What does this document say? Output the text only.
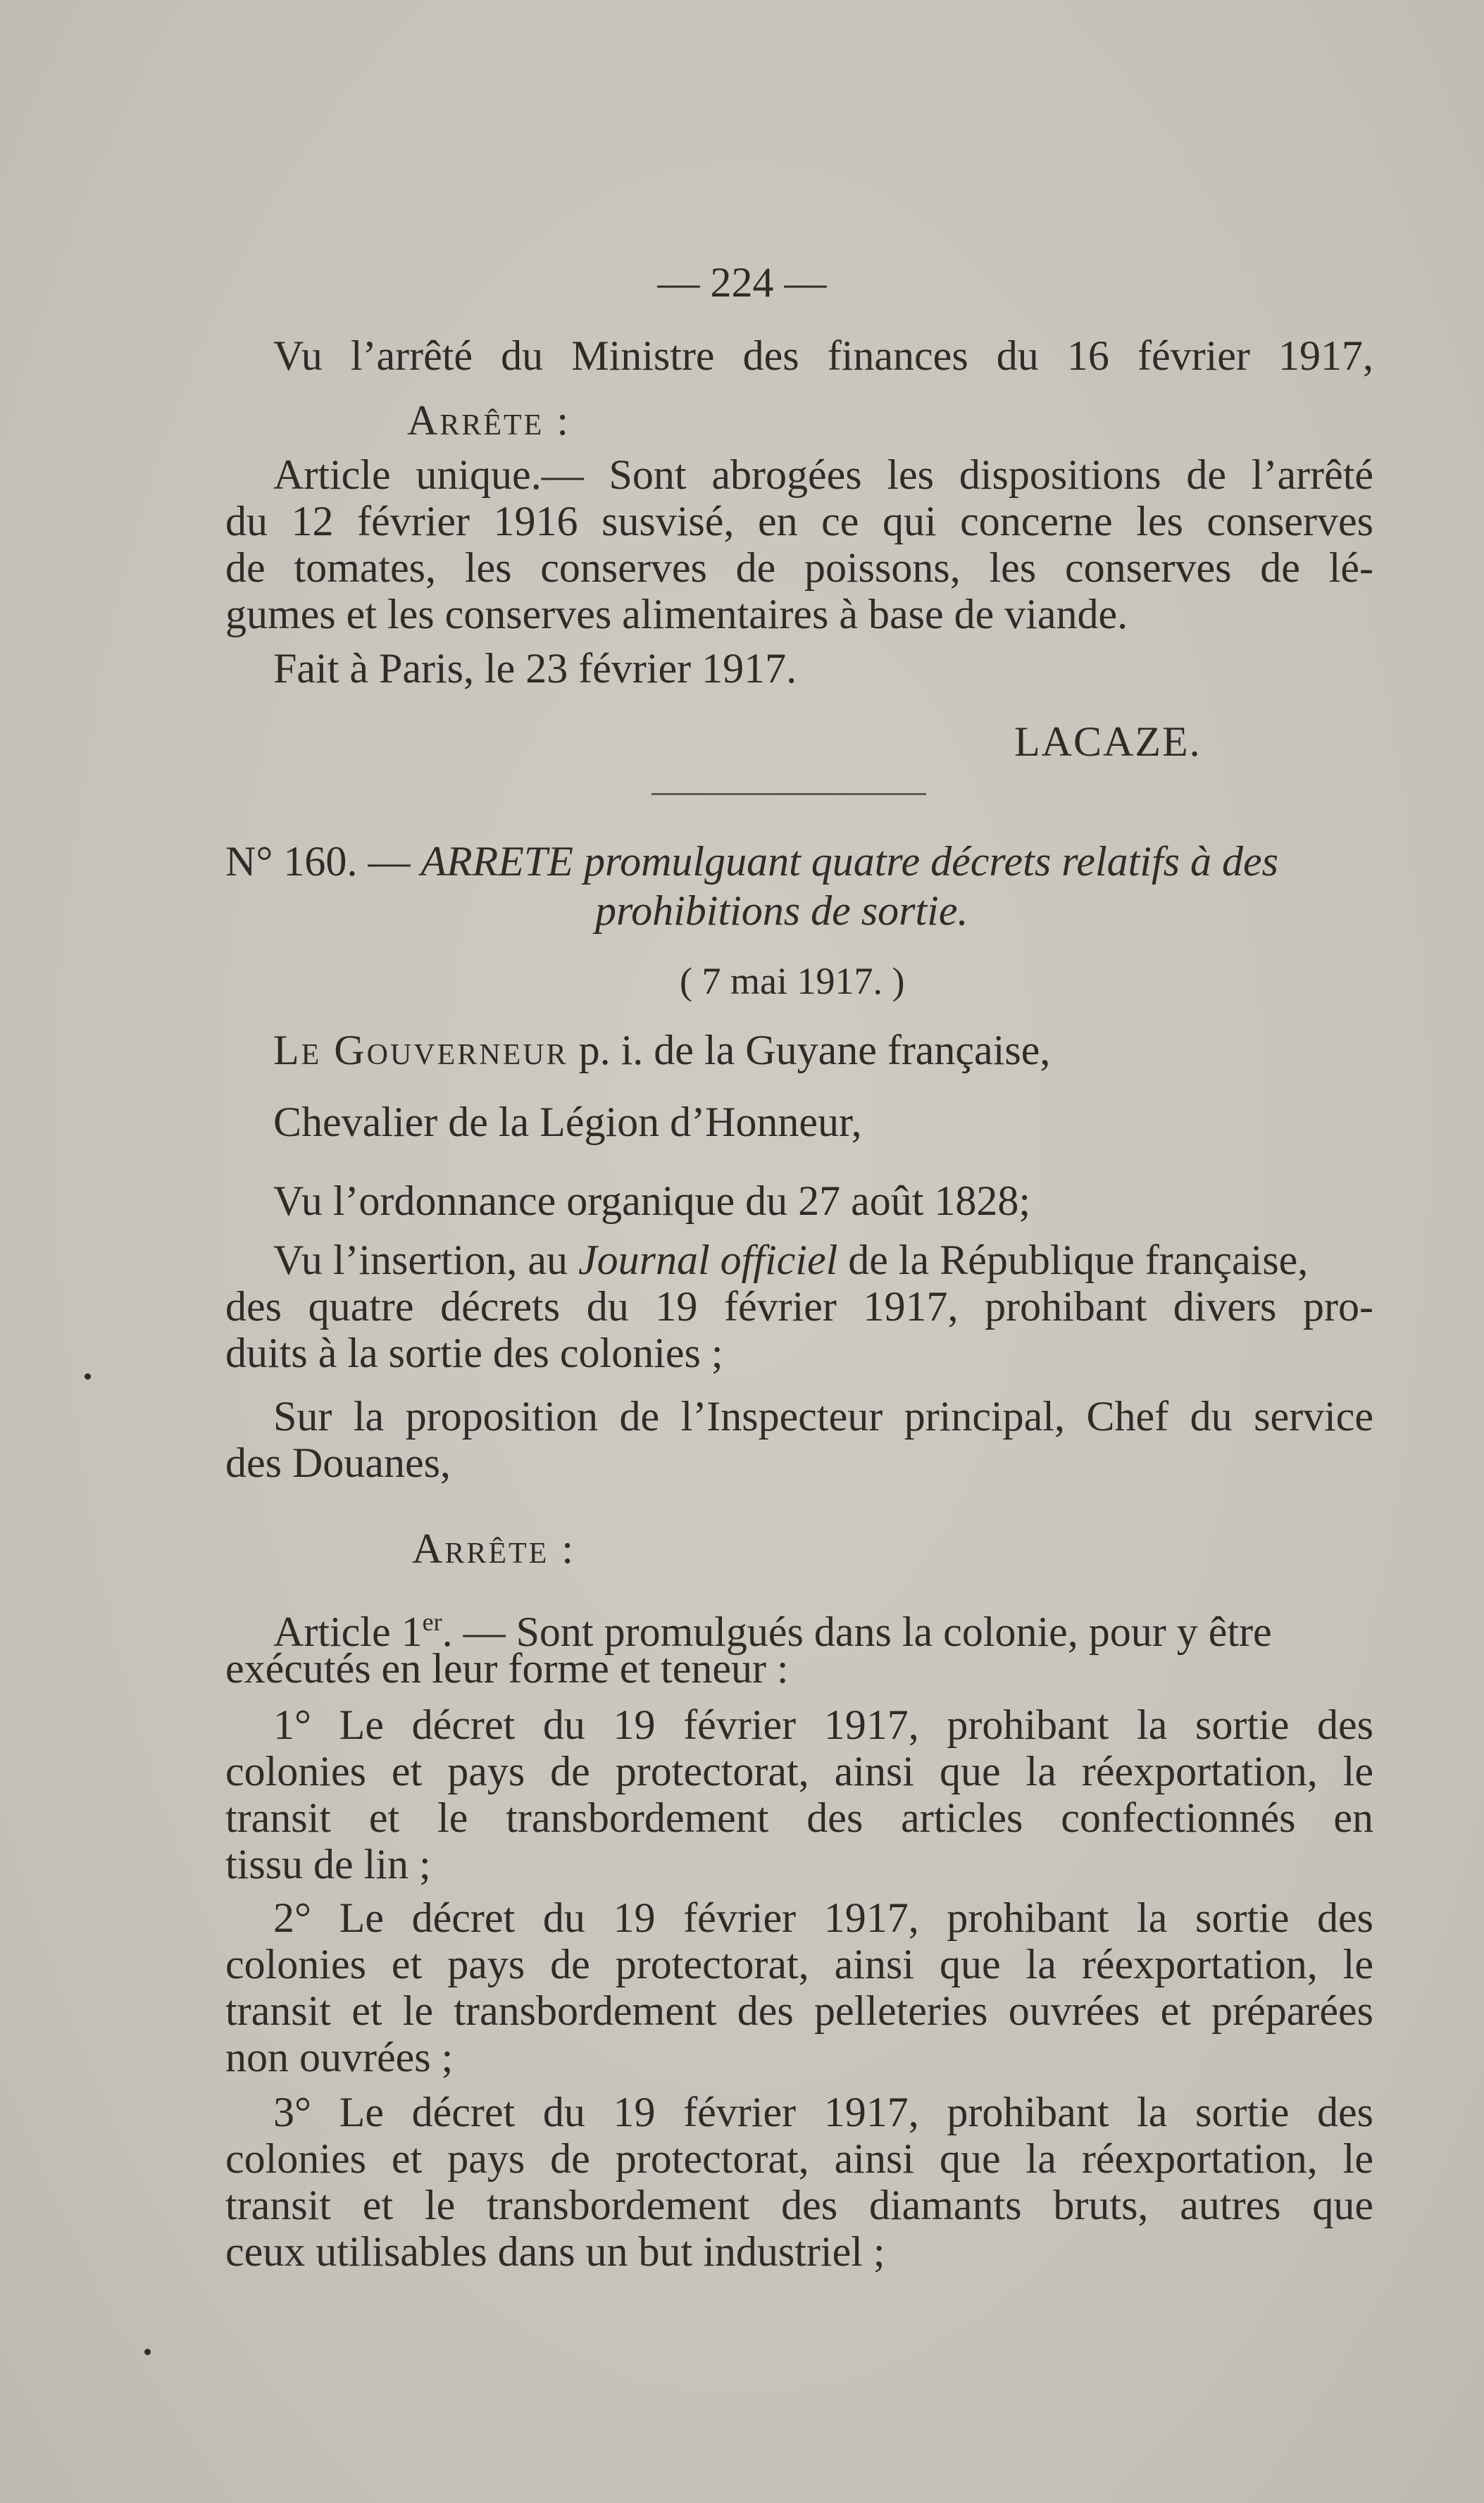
— 224 —
Vu l’arrêté du Ministre des finances du 16 février 1917,
Arrête :
Article unique.— Sont abrogées les dispositions de l’arrêté
du 12 février 1916 susvisé, en ce qui concerne les conserves
de tomates, les conserves de poissons, les conserves de lé-
gumes et les conserves alimentaires à base de viande.
Fait à Paris, le 23 février 1917.
LACAZE.
N° 160. — ARRETE promulguant quatre décrets relatifs à des
prohibitions de sortie.
( 7 mai 1917. )
Le Gouverneur p. i. de la Guyane française,
Chevalier de la Légion d’Honneur,
Vu l’ordonnance organique du 27 août 1828;
Vu l’insertion, au Journal officiel de la République française,
des quatre décrets du 19 février 1917, prohibant divers pro-
duits à la sortie des colonies ;
Sur la proposition de l’Inspecteur principal, Chef du service
des Douanes,
Arrête :
Article 1er. — Sont promulgués dans la colonie, pour y être
exécutés en leur forme et teneur :
1° Le décret du 19 février 1917, prohibant la sortie des
colonies et pays de protectorat, ainsi que la réexportation, le
transit et le transbordement des articles confectionnés en
tissu de lin ;
2° Le décret du 19 février 1917, prohibant la sortie des
colonies et pays de protectorat, ainsi que la réexportation, le
transit et le transbordement des pelleteries ouvrées et préparées
non ouvrées ;
3° Le décret du 19 février 1917, prohibant la sortie des
colonies et pays de protectorat, ainsi que la réexportation, le
transit et le transbordement des diamants bruts, autres que
ceux utilisables dans un but industriel ;
